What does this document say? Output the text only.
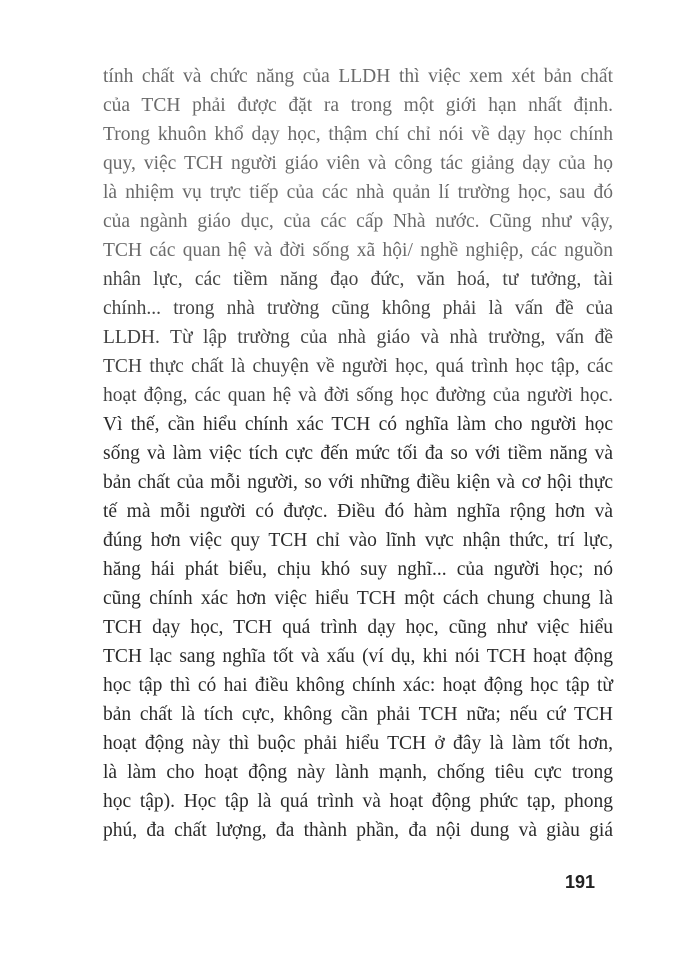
tính chất và chức năng của LLDH thì việc xem xét bản chất
của TCH phải được đặt ra trong một giới hạn nhất định.
Trong khuôn khổ dạy học, thậm chí chỉ nói về dạy học chính
quy, việc TCH người giáo viên và công tác giảng dạy của họ
là nhiệm vụ trực tiếp của các nhà quản lí trường học, sau đó
của ngành giáo dục, của các cấp Nhà nước. Cũng như vậy,
TCH các quan hệ và đời sống xã hội/ nghề nghiệp, các nguồn
nhân lực, các tiềm năng đạo đức, văn hoá, tư tưởng, tài
chính... trong nhà trường cũng không phải là vấn đề của
LLDH. Từ lập trường của nhà giáo và nhà trường, vấn đề
TCH thực chất là chuyện về người học, quá trình học tập, các
hoạt động, các quan hệ và đời sống học đường của người học.
Vì thế, cần hiểu chính xác TCH có nghĩa làm cho người học
sống và làm việc tích cực đến mức tối đa so với tiềm năng và
bản chất của mỗi người, so với những điều kiện và cơ hội thực
tế mà mỗi người có được. Điều đó hàm nghĩa rộng hơn và
đúng hơn việc quy TCH chỉ vào lĩnh vực nhận thức, trí lực,
hăng hái phát biểu, chịu khó suy nghĩ... của người học; nó
cũng chính xác hơn việc hiểu TCH một cách chung chung là
TCH dạy học, TCH quá trình dạy học, cũng như việc hiểu
TCH lạc sang nghĩa tốt và xấu (ví dụ, khi nói TCH hoạt động
học tập thì có hai điều không chính xác: hoạt động học tập từ
bản chất là tích cực, không cần phải TCH nữa; nếu cứ TCH
hoạt động này thì buộc phải hiểu TCH ở đây là làm tốt hơn,
là làm cho hoạt động này lành mạnh, chống tiêu cực trong
học tập). Học tập là quá trình và hoạt động phức tạp, phong
phú, đa chất lượng, đa thành phần, đa nội dung và giàu giá
191
